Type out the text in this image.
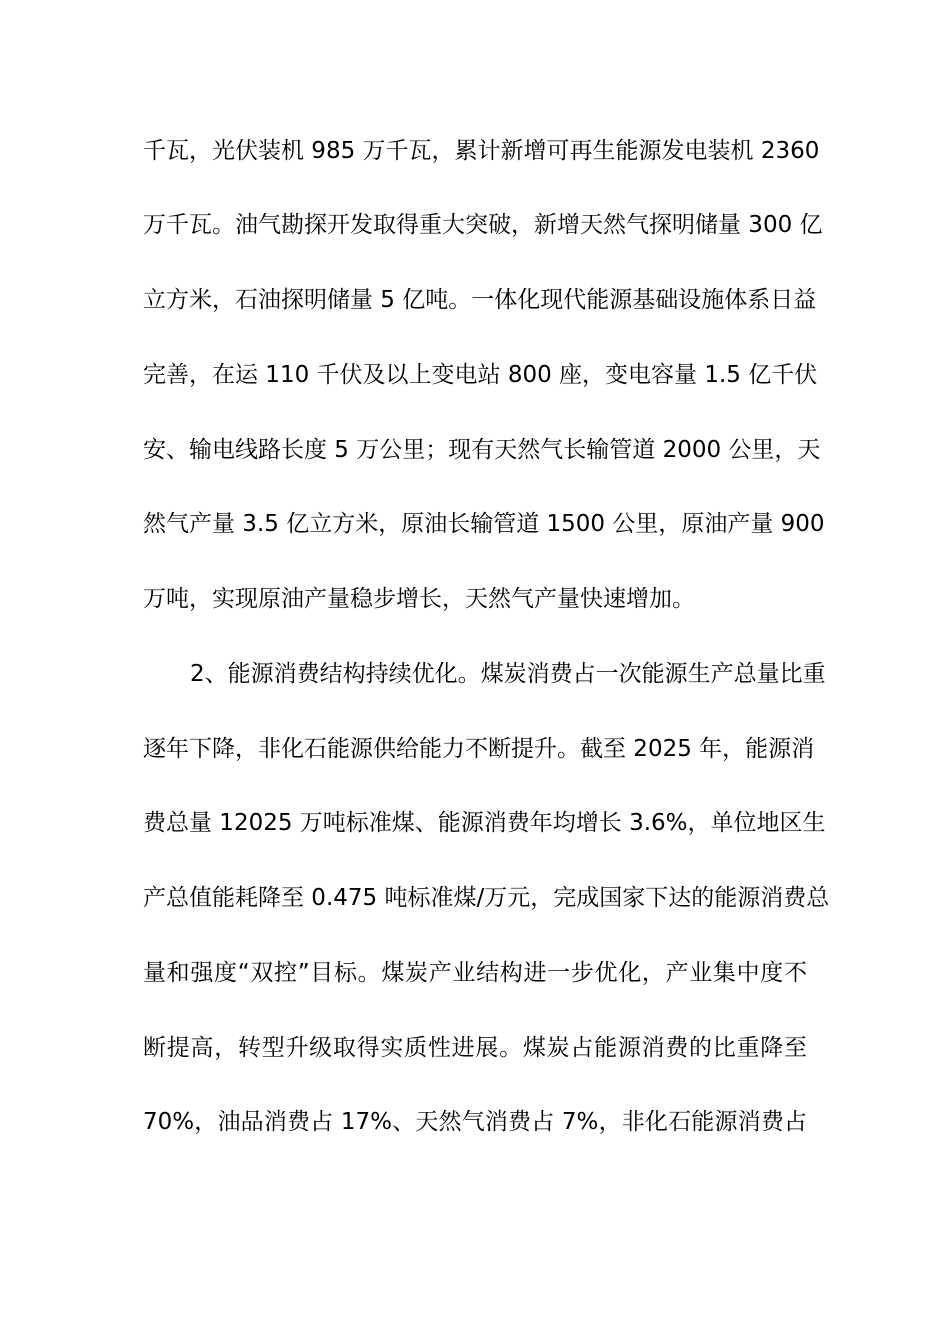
千瓦，光伏装机 985 万千瓦，累计新增可再生能源发电装机 2360
万千瓦。油气勘探开发取得重大突破，新增天然气探明储量 300 亿
立方米，石油探明储量 5 亿吨。一体化现代能源基础设施体系日益
完善，在运 110 千伏及以上变电站 800 座，变电容量 1.5 亿千伏
安、输电线路长度 5 万公里；现有天然气长输管道 2000 公里，天
然气产量 3.5 亿立方米，原油长输管道 1500 公里，原油产量 900
万吨，实现原油产量稳步增长，天然气产量快速增加。
2、能源消费结构持续优化。煤炭消费占一次能源生产总量比重
逐年下降，非化石能源供给能力不断提升。截至 2025 年，能源消
费总量 12025 万吨标准煤、能源消费年均增长 3.6%，单位地区生
产总值能耗降至 0.475 吨标准煤/万元，完成国家下达的能源消费总
量和强度“双控”目标。煤炭产业结构进一步优化，产业集中度不
断提高，转型升级取得实质性进展。煤炭占能源消费的比重降至
70%，油品消费占 17%、天然气消费占 7%，非化石能源消费占
